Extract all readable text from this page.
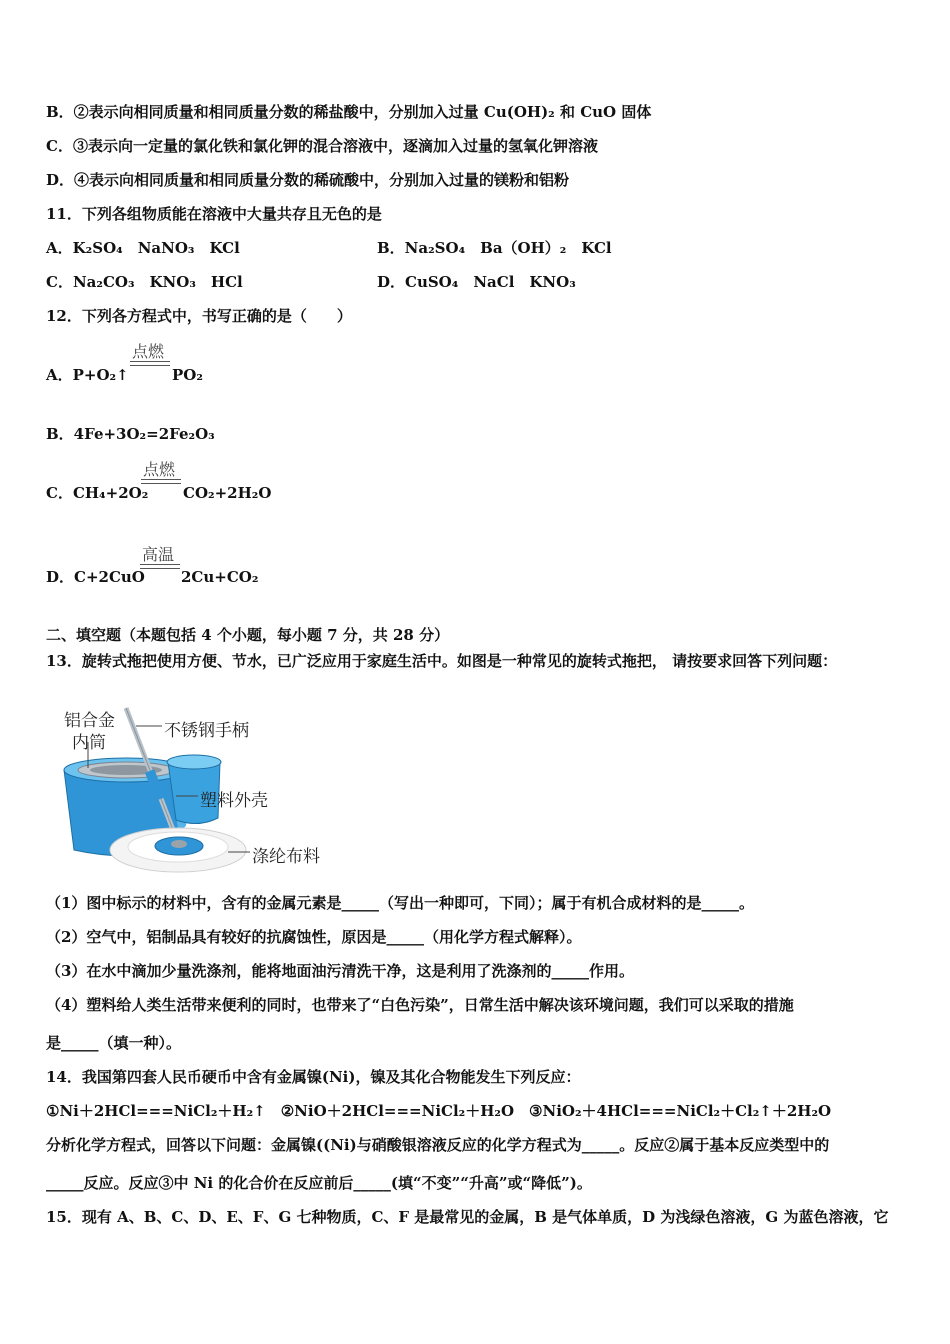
B．②表示向相同质量和相同质量分数的稀盐酸中，分别加入过量 Cu(OH)₂ 和 CuO 固体
C．③表示向一定量的氯化铁和氯化钾的混合溶液中，逐滴加入过量的氢氧化钾溶液
D．④表示向相同质量和相同质量分数的稀硫酸中，分别加入过量的镁粉和铝粉
11．下列各组物质能在溶液中大量共存且无色的是
A．K₂SO₄　NaNO₃　KCl	B．Na₂SO₄　Ba（OH）₂　KCl
C．Na₂CO₃　KNO₃　HCl	D．CuSO₄　NaCl　KNO₃
12．下列各方程式中，书写正确的是（　　）
A．P+O₂↑
点燃
PO₂
B．4Fe+3O₂=2Fe₂O₃
C．CH₄+2O₂
点燃
CO₂+2H₂O
D．C+2CuO
高温
2Cu+CO₂
二、填空题（本题包括 4 个小题，每小题 7 分，共 28 分）
13．旋转式拖把使用方便、节水，已广泛应用于家庭生活中。如图是一种常见的旋转式拖把， 请按要求回答下列问题：
铝合金
内筒
不锈钢手柄
塑料外壳
涤纶布料
（1）图中标示的材料中，含有的金属元素是_____（写出一种即可，下同）；属于有机合成材料的是_____。
（2）空气中，铝制品具有较好的抗腐蚀性，原因是_____（用化学方程式解释）。
（3）在水中滴加少量洗涤剂，能将地面油污清洗干净，这是利用了洗涤剂的_____作用。
（4）塑料给人类生活带来便利的同时，也带来了“白色污染”，日常生活中解决该环境问题，我们可以采取的措施
是_____（填一种）。
14．我国第四套人民币硬币中含有金属镍(Ni)，镍及其化合物能发生下列反应：
①Ni＋2HCl===NiCl₂＋H₂↑　②NiO＋2HCl===NiCl₂＋H₂O　③NiO₂＋4HCl===NiCl₂＋Cl₂↑＋2H₂O
分析化学方程式，回答以下问题：金属镍((Ni)与硝酸银溶液反应的化学方程式为_____。反应②属于基本反应类型中的
_____反应。反应③中 Ni 的化合价在反应前后_____(填“不变”“升高”或“降低”)。
15．现有 A、B、C、D、E、F、G 七种物质，C、F 是最常见的金属，B 是气体单质，D 为浅绿色溶液，G 为蓝色溶液，它
